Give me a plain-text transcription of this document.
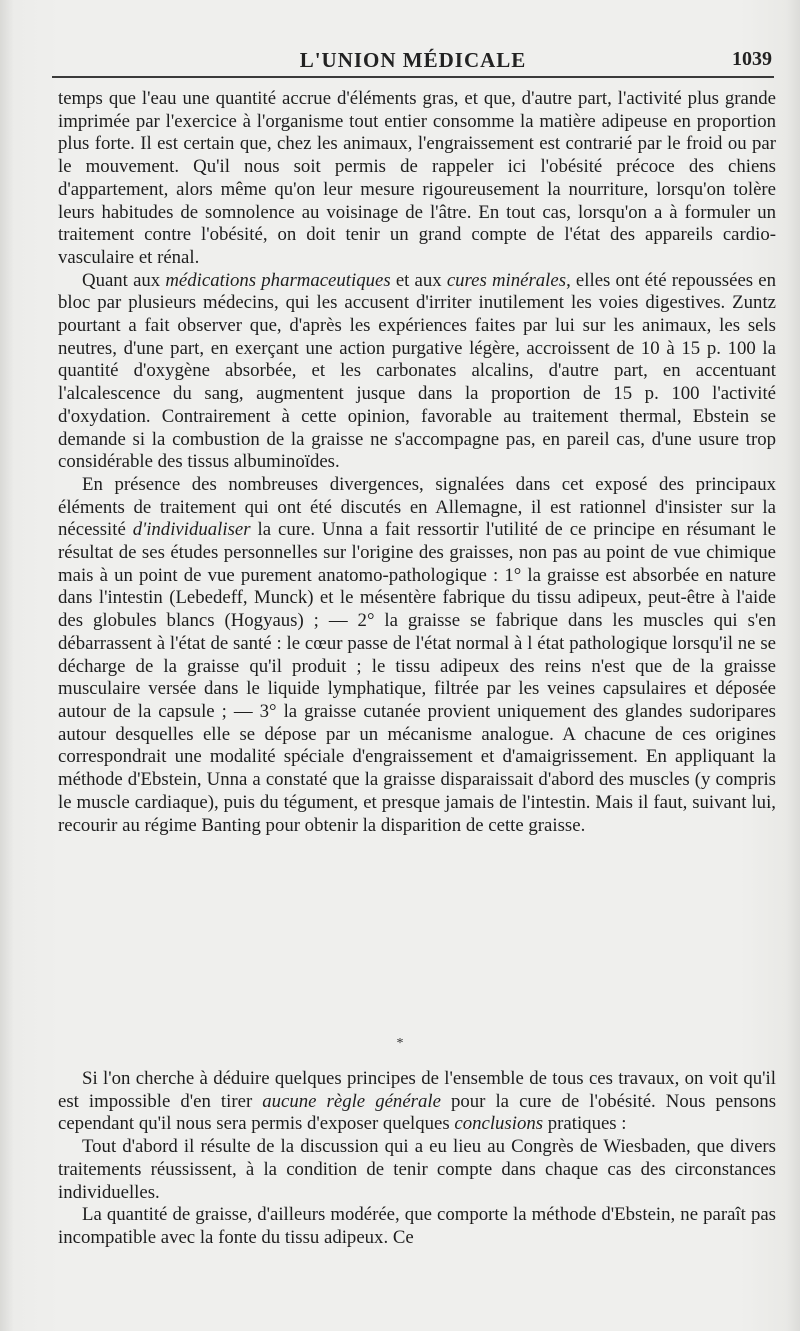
L'UNION MÉDICALE	1039

temps que l'eau une quantité accrue d'éléments gras, et que, d'autre part, l'activité plus grande imprimée par l'exercice à l'organisme tout entier consomme la matière adipeuse en proportion plus forte. Il est certain que, chez les animaux, l'engraissement est contrarié par le froid ou par le mouvement. Qu'il nous soit permis de rappeler ici l'obésité précoce des chiens d'appartement, alors même qu'on leur mesure rigoureusement la nourriture, lorsqu'on tolère leurs habitudes de somnolence au voisinage de l'âtre. En tout cas, lorsqu'on a à formuler un traitement contre l'obésité, on doit tenir un grand compte de l'état des appareils cardio-vasculaire et rénal.

Quant aux médications pharmaceutiques et aux cures minérales, elles ont été repoussées en bloc par plusieurs médecins, qui les accusent d'irriter inutilement les voies digestives. Zuntz pourtant a fait observer que, d'après les expériences faites par lui sur les animaux, les sels neutres, d'une part, en exerçant une action purgative légère, accroissent de 10 à 15 p. 100 la quantité d'oxygène absorbée, et les carbonates alcalins, d'autre part, en accentuant l'alcalescence du sang, augmentent jusque dans la proportion de 15 p. 100 l'activité d'oxydation. Contrairement à cette opinion, favorable au traitement thermal, Ebstein se demande si la combustion de la graisse ne s'accompagne pas, en pareil cas, d'une usure trop considérable des tissus albuminoïdes.

En présence des nombreuses divergences, signalées dans cet exposé des principaux éléments de traitement qui ont été discutés en Allemagne, il est rationnel d'insister sur la nécessité d'individualiser la cure. Unna a fait ressortir l'utilité de ce principe en résumant le résultat de ses études personnelles sur l'origine des graisses, non pas au point de vue chimique mais à un point de vue purement anatomo-pathologique : 1° la graisse est absorbée en nature dans l'intestin (Lebedeff, Munck) et le mésentère fabrique du tissu adipeux, peut-être à l'aide des globules blancs (Hogyaus) ; — 2° la graisse se fabrique dans les muscles qui s'en débarrassent à l'état de santé : le cœur passe de l'état normal à l état pathologique lorsqu'il ne se décharge de la graisse qu'il produit ; le tissu adipeux des reins n'est que de la graisse musculaire versée dans le liquide lymphatique, filtrée par les veines capsulaires et déposée autour de la capsule ; — 3° la graisse cutanée provient uniquement des glandes sudoripares autour desquelles elle se dépose par un mécanisme analogue. A chacune de ces origines correspondrait une modalité spéciale d'engraissement et d'amaigrissement. En appliquant la méthode d'Ebstein, Unna a constaté que la graisse disparaissait d'abord des muscles (y compris le muscle cardiaque), puis du tégument, et presque jamais de l'intestin. Mais il faut, suivant lui, recourir au régime Banting pour obtenir la disparition de cette graisse.

*

Si l'on cherche à déduire quelques principes de l'ensemble de tous ces travaux, on voit qu'il est impossible d'en tirer aucune règle générale pour la cure de l'obésité. Nous pensons cependant qu'il nous sera permis d'exposer quelques conclusions pratiques :

Tout d'abord il résulte de la discussion qui a eu lieu au Congrès de Wiesbaden, que divers traitements réussissent, à la condition de tenir compte dans chaque cas des circonstances individuelles.

La quantité de graisse, d'ailleurs modérée, que comporte la méthode d'Ebstein, ne paraît pas incompatible avec la fonte du tissu adipeux. Ce
